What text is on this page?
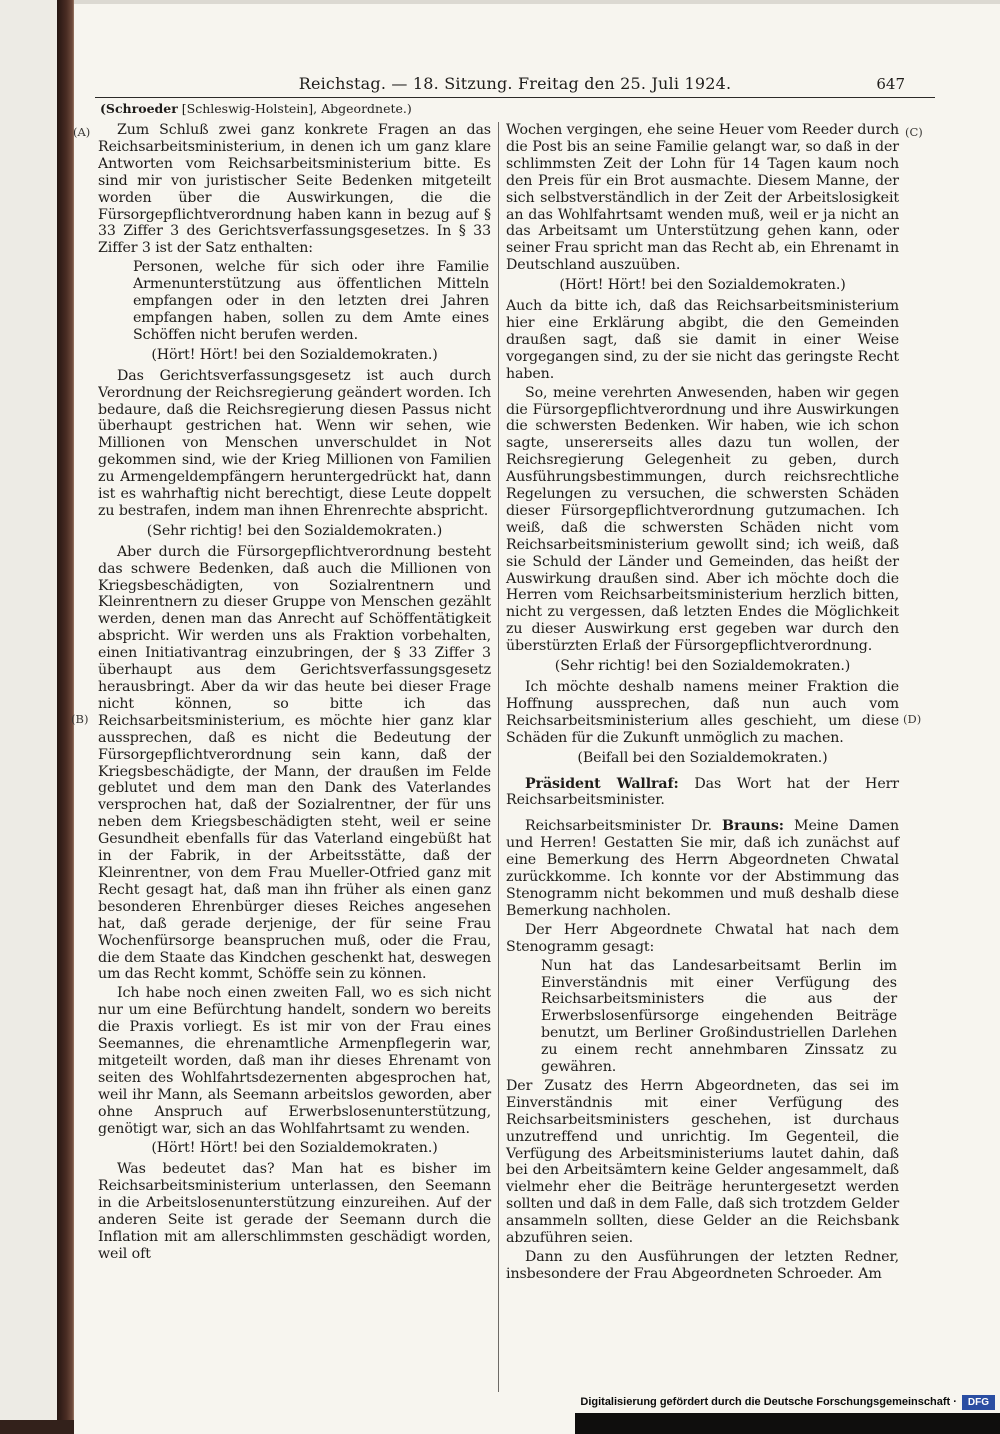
Reichstag. — 18. Sitzung. Freitag den 25. Juli 1924.	647
(Schroeder [Schleswig-Holstein], Abgeordnete.)
(A)
(B)
(C)
(D)

Zum Schluß zwei ganz konkrete Fragen an das Reichsarbeitsministerium, in denen ich um ganz klare Antworten vom Reichsarbeitsministerium bitte. Es sind mir von juristischer Seite Bedenken mitgeteilt worden über die Auswirkungen, die die Fürsorgepflichtverordnung haben kann in bezug auf § 33 Ziffer 3 des Gerichtsverfassungsgesetzes. In § 33 Ziffer 3 ist der Satz enthalten:

Personen, welche für sich oder ihre Familie Armenunterstützung aus öffentlichen Mitteln empfangen oder in den letzten drei Jahren empfangen haben, sollen zu dem Amte eines Schöffen nicht berufen werden.

(Hört! Hört! bei den Sozialdemokraten.)

Das Gerichtsverfassungsgesetz ist auch durch Verordnung der Reichsregierung geändert worden. Ich bedaure, daß die Reichsregierung diesen Passus nicht überhaupt gestrichen hat. Wenn wir sehen, wie Millionen von Menschen unverschuldet in Not gekommen sind, wie der Krieg Millionen von Familien zu Armengeldempfängern heruntergedrückt hat, dann ist es wahrhaftig nicht berechtigt, diese Leute doppelt zu bestrafen, indem man ihnen Ehrenrechte abspricht.

(Sehr richtig! bei den Sozialdemokraten.)

Aber durch die Fürsorgepflichtverordnung besteht das schwere Bedenken, daß auch die Millionen von Kriegsbeschädigten, von Sozialrentnern und Kleinrentnern zu dieser Gruppe von Menschen gezählt werden, denen man das Anrecht auf Schöffentätigkeit abspricht. Wir werden uns als Fraktion vorbehalten, einen Initiativantrag einzubringen, der § 33 Ziffer 3 überhaupt aus dem Gerichtsverfassungsgesetz herausbringt. Aber da wir das heute bei dieser Frage nicht können, so bitte ich das Reichsarbeitsministerium, es möchte hier ganz klar aussprechen, daß es nicht die Bedeutung der Fürsorgepflichtverordnung sein kann, daß der Kriegsbeschädigte, der Mann, der draußen im Felde geblutet und dem man den Dank des Vaterlandes versprochen hat, daß der Sozialrentner, der für uns neben dem Kriegsbeschädigten steht, weil er seine Gesundheit ebenfalls für das Vaterland eingebüßt hat in der Fabrik, in der Arbeitsstätte, daß der Kleinrentner, von dem Frau Mueller-Otfried ganz mit Recht gesagt hat, daß man ihn früher als einen ganz besonderen Ehrenbürger dieses Reiches angesehen hat, daß gerade derjenige, der für seine Frau Wochenfürsorge beanspruchen muß, oder die Frau, die dem Staate das Kindchen geschenkt hat, deswegen um das Recht kommt, Schöffe sein zu können.

Ich habe noch einen zweiten Fall, wo es sich nicht nur um eine Befürchtung handelt, sondern wo bereits die Praxis vorliegt. Es ist mir von der Frau eines Seemannes, die ehrenamtliche Armenpflegerin war, mitgeteilt worden, daß man ihr dieses Ehrenamt von seiten des Wohlfahrtsdezernenten abgesprochen hat, weil ihr Mann, als Seemann arbeitslos geworden, aber ohne Anspruch auf Erwerbslosenunterstützung, genötigt war, sich an das Wohlfahrtsamt zu wenden.

(Hört! Hört! bei den Sozialdemokraten.)

Was bedeutet das? Man hat es bisher im Reichsarbeitsministerium unterlassen, den Seemann in die Arbeitslosenunterstützung einzureihen. Auf der anderen Seite ist gerade der Seemann durch die Inflation mit am allerschlimmsten geschädigt worden, weil oft

Wochen vergingen, ehe seine Heuer vom Reeder durch die Post bis an seine Familie gelangt war, so daß in der schlimmsten Zeit der Lohn für 14 Tagen kaum noch den Preis für ein Brot ausmachte. Diesem Manne, der sich selbstverständlich in der Zeit der Arbeitslosigkeit an das Wohlfahrtsamt wenden muß, weil er ja nicht an das Arbeitsamt um Unterstützung gehen kann, oder seiner Frau spricht man das Recht ab, ein Ehrenamt in Deutschland auszuüben.

(Hört! Hört! bei den Sozialdemokraten.)

Auch da bitte ich, daß das Reichsarbeitsministerium hier eine Erklärung abgibt, die den Gemeinden draußen sagt, daß sie damit in einer Weise vorgegangen sind, zu der sie nicht das geringste Recht haben.

So, meine verehrten Anwesenden, haben wir gegen die Fürsorgepflichtverordnung und ihre Auswirkungen die schwersten Bedenken. Wir haben, wie ich schon sagte, unsererseits alles dazu tun wollen, der Reichsregierung Gelegenheit zu geben, durch Ausführungsbestimmungen, durch reichsrechtliche Regelungen zu versuchen, die schwersten Schäden dieser Fürsorgepflichtverordnung gutzumachen. Ich weiß, daß die schwersten Schäden nicht vom Reichsarbeitsministerium gewollt sind; ich weiß, daß sie Schuld der Länder und Gemeinden, das heißt der Auswirkung draußen sind. Aber ich möchte doch die Herren vom Reichsarbeitsministerium herzlich bitten, nicht zu vergessen, daß letzten Endes die Möglichkeit zu dieser Auswirkung erst gegeben war durch den überstürzten Erlaß der Fürsorgepflichtverordnung.

(Sehr richtig! bei den Sozialdemokraten.)

Ich möchte deshalb namens meiner Fraktion die Hoffnung aussprechen, daß nun auch vom Reichsarbeitsministerium alles geschieht, um diese Schäden für die Zukunft unmöglich zu machen.

(Beifall bei den Sozialdemokraten.)

Präsident Wallraf: Das Wort hat der Herr Reichsarbeitsminister.

Reichsarbeitsminister Dr. Brauns: Meine Damen und Herren! Gestatten Sie mir, daß ich zunächst auf eine Bemerkung des Herrn Abgeordneten Chwatal zurückkomme. Ich konnte vor der Abstimmung das Stenogramm nicht bekommen und muß deshalb diese Bemerkung nachholen.

Der Herr Abgeordnete Chwatal hat nach dem Stenogramm gesagt:

Nun hat das Landesarbeitsamt Berlin im Einverständnis mit einer Verfügung des Reichsarbeitsministers die aus der Erwerbslosenfürsorge eingehenden Beiträge benutzt, um Berliner Großindustriellen Darlehen zu einem recht annehmbaren Zinssatz zu gewähren.

Der Zusatz des Herrn Abgeordneten, das sei im Einverständnis mit einer Verfügung des Reichsarbeitsministers geschehen, ist durchaus unzutreffend und unrichtig. Im Gegenteil, die Verfügung des Arbeitsministeriums lautet dahin, daß bei den Arbeitsämtern keine Gelder angesammelt, daß vielmehr eher die Beiträge heruntergesetzt werden sollten und daß in dem Falle, daß sich trotzdem Gelder ansammeln sollten, diese Gelder an die Reichsbank abzuführen seien.

Dann zu den Ausführungen der letzten Redner, insbesondere der Frau Abgeordneten Schroeder. Am

Digitalisierung gefördert durch die Deutsche Forschungsgemeinschaft ·	DFG
